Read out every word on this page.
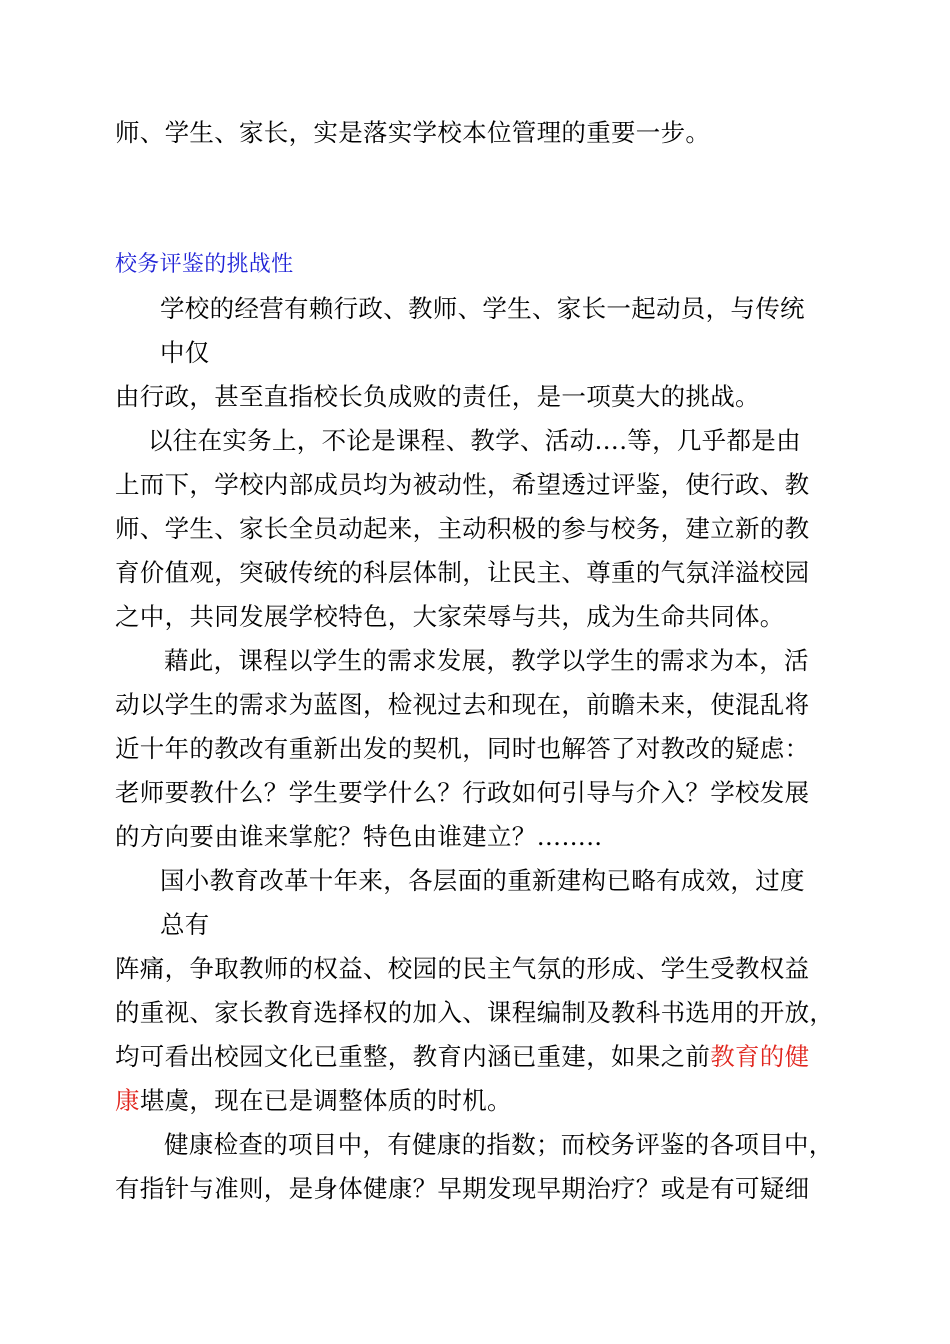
师、学生、家长，实是落实学校本位管理的重要一步。
校务评鉴的挑战性
学校的经营有赖行政、教师、学生、家长一起动员，与传统
中仅
由行政，甚至直指校长负成败的责任，是一项莫大的挑战。
以往在实务上，不论是课程、教学、活动….等，几乎都是由
上而下，学校内部成员均为被动性，希望透过评鉴，使行政、教
师、学生、家长全员动起来，主动积极的参与校务，建立新的教
育价值观，突破传统的科层体制，让民主、尊重的气氛洋溢校园
之中，共同发展学校特色，大家荣辱与共，成为生命共同体。
藉此，课程以学生的需求发展，教学以学生的需求为本，活
动以学生的需求为蓝图，检视过去和现在，前瞻未来，使混乱将
近十年的教改有重新出发的契机，同时也解答了对教改的疑虑：
老师要教什么？学生要学什么？行政如何引导与介入？学校发展
的方向要由谁来掌舵？特色由谁建立？……..
国小教育改革十年来，各层面的重新建构已略有成效，过度
总有
阵痛，争取教师的权益、校园的民主气氛的形成、学生受教权益
的重视、家长教育选择权的加入、课程编制及教科书选用的开放，
均可看出校园文化已重整，教育内涵已重建，如果之前教育的健
康堪虞，现在已是调整体质的时机。
健康检查的项目中，有健康的指数；而校务评鉴的各项目中，
有指针与准则，是身体健康？早期发现早期治疗？或是有可疑细
